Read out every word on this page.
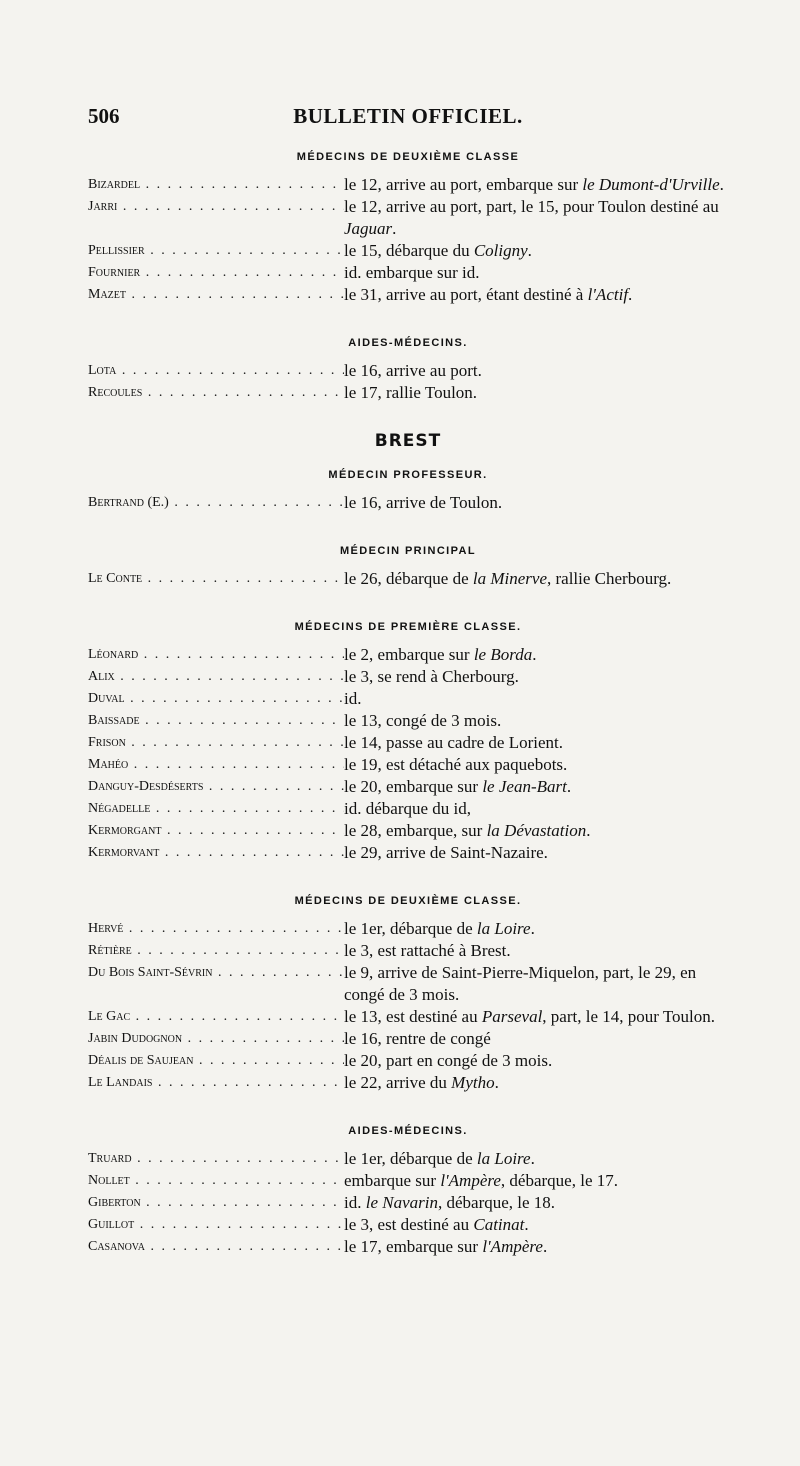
506	BULLETIN OFFICIEL.
MÉDECINS DE DEUXIÈME CLASSE
Bizardel . . .	le 12, arrive au port, embarque sur le Dumont-d'Urville.
Jarri . . .	le 12, arrive au port, part, le 15, pour Toulon destiné au Jaguar.
Pellissier . . .	le 15, débarque du Coligny.
Fournier . . .	id. embarque sur id.
Mazet . . .	le 31, arrive au port, étant destiné à l'Actif.
AIDES-MÉDECINS.
Lota . . .	le 16, arrive au port.
Recoules . . .	le 17, rallie Toulon.
BREST
MÉDECIN PROFESSEUR.
Bertrand (E.) . . .	le 16, arrive de Toulon.
MÉDECIN PRINCIPAL
Le Conte . . .	le 26, débarque de la Minerve, rallie Cherbourg.
MÉDECINS DE PREMIÈRE CLASSE.
Léonard . . .	le 2, embarque sur le Borda.
Alix . . .	le 3, se rend à Cherbourg.
Duval . . .	id.
Baissade . . .	le 13, congé de 3 mois.
Frison . . .	le 14, passe au cadre de Lorient.
Mahéo . . .	le 19, est détaché aux paquebots.
Danguy-Desdéserts . . .	le 20, embarque sur le Jean-Bart.
Négadelle . . .	id. débarque du id,
Kermorgant . . .	le 28, embarque, sur la Dévastation.
Kermorvant . . .	le 29, arrive de Saint-Nazaire.
MÉDECINS DE DEUXIÈME CLASSE.
Hervé . . .	le 1er, débarque de la Loire.
Rétière . . .	le 3, est rattaché à Brest.
Du Bois Saint-Sévrin . . .	le 9, arrive de Saint-Pierre-Miquelon, part, le 29, en congé de 3 mois.
Le Gac . . .	le 13, est destiné au Parseval, part, le 14, pour Toulon.
Jabin Dudognon . . .	le 16, rentre de congé
Déalis de Saujean . . .	le 20, part en congé de 3 mois.
Le Landais . . .	le 22, arrive du Mytho.
AIDES-MÉDECINS.
Truard . . .	le 1er, débarque de la Loire.
Nollet . . .	embarque sur l'Ampère, débarque, le 17.
Giberton . . .	id. le Navarin, débarque, le 18.
Guillot . . .	le 3, est destiné au Catinat.
Casanova . . .	le 17, embarque sur l'Ampère.
